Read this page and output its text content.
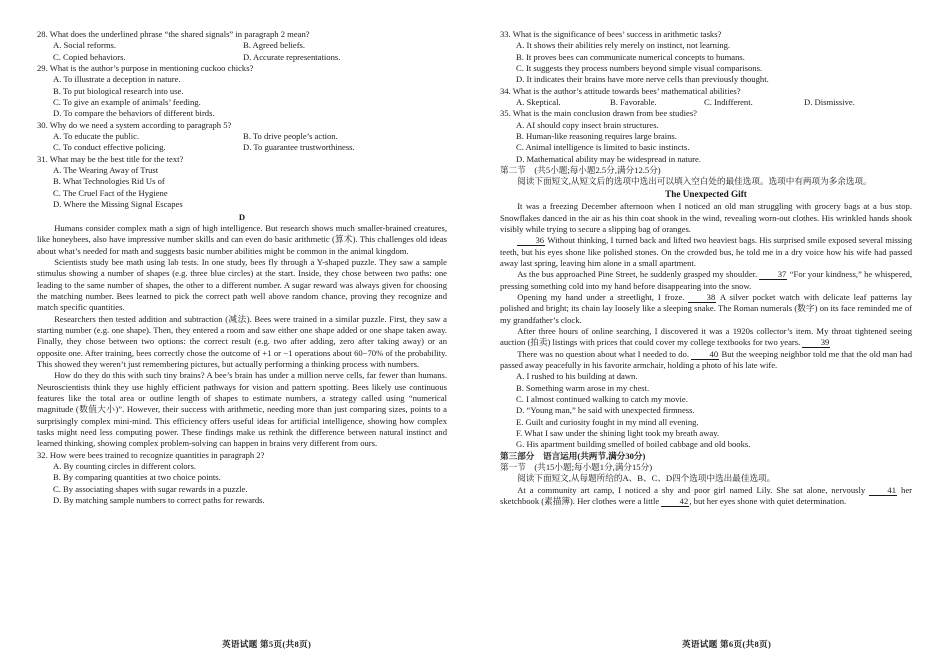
28. What does the underlined phrase “the shared signals” in paragraph 2 mean?

A. Social reforms.	B. Agreed beliefs.
C. Copied behaviors.	D. Accurate representations.

29. What is the author’s purpose in mentioning cuckoo chicks?

A. To illustrate a deception in nature.

B. To put biological research into use.

C. To give an example of animals’ feeding.

D. To compare the behaviors of different birds.

30. Why do we need a system according to paragraph 5?

A. To educate the public.	B. To drive people’s action.
C. To conduct effective policing.	D. To guarantee trustworthiness.

31. What may be the best title for the text?

A. The Wearing Away of Trust

B. What Technologies Rid Us of

C. The Cruel Fact of the Hygiene

D. Where the Missing Signal Escapes

D

Humans consider complex math a sign of high intelligence. But research shows much smaller-brained creatures, like honeybees, also have impressive number skills and can even do basic arithmetic (算术). This challenges old ideas about what’s needed for math and suggests basic number abilities might be common in the animal kingdom.

Scientists study bee math using lab tests. In one study, bees fly through a Y-shaped puzzle. They saw a sample stimulus showing a number of shapes (e.g. three blue circles) at the start. Inside, they chose between two paths: one leading to the same number of shapes, the other to a different number. A sugar reward was always given for choosing the matching number. Bees learned to pick the correct path well above random chance, proving they recognize and match specific quantities.

Researchers then tested addition and subtraction (减法). Bees were trained in a similar puzzle. First, they saw a starting number (e.g. one shape). Then, they entered a room and saw either one shape added or one shape taken away. Finally, they chose between two options: the correct result (e.g. two after adding, zero after taking away) or an opposite one. After training, bees correctly chose the outcome of +1 or −1 operations about 60−70% of the probability. This showed they weren’t just remembering pictures, but actually performing a thinking process with numbers.

How do they do this with such tiny brains? A bee’s brain has under a million nerve cells, far fewer than humans. Neuroscientists think they use highly efficient pathways for vision and pattern spotting. Bees likely use continuous features like the total area or outline length of shapes to estimate numbers, a strategy called using “numerical magnitude (数值大小)”. However, their success with arithmetic, needing more than just comparing sizes, points to a surprisingly complex mini-mind. This efficiency offers useful ideas for artificial intelligence, showing how complex tasks might need less computing power. These findings make us rethink the difference between natural instinct and learned thinking, showing complex problem-solving can happen in brains very different from ours.

32. How were bees trained to recognize quantities in paragraph 2?

A. By counting circles in different colors.

B. By comparing quantities at two choice points.

C. By associating shapes with sugar rewards in a puzzle.

D. By matching sample numbers to correct paths for rewards.

33. What is the significance of bees’ success in arithmetic tasks?

A. It shows their abilities rely merely on instinct, not learning.

B. It proves bees can communicate numerical concepts to humans.

C. It suggests they process numbers beyond simple visual comparisons.

D. It indicates their brains have more nerve cells than previously thought.

34. What is the author’s attitude towards bees’ mathematical abilities?

A. Skeptical.	B. Favorable.	C. Indifferent.	D. Dismissive.

35. What is the main conclusion drawn from bee studies?

A. AI should copy insect brain structures.

B. Human-like reasoning requires large brains.

C. Animal intelligence is limited to basic instincts.

D. Mathematical ability may be widespread in nature.

第二节　(共5小题;每小题2.5分,满分12.5分)

阅读下面短文,从短文后的选项中选出可以填入空白处的最佳选项。选项中有两项为多余选项。

The Unexpected Gift

It was a freezing December afternoon when I noticed an old man struggling with grocery bags at a bus stop. Snowflakes danced in the air as his thin coat shook in the wind, revealing worn-out clothes. His wrinkled hands shook visibly while trying to secure a slipping bag of oranges.

36 Without thinking, I turned back and lifted two heaviest bags. His surprised smile exposed several missing teeth, but his eyes shone like polished stones. On the crowded bus, he told me in a dry voice how his wife had passed away last spring, leaving him alone in a small apartment.

As the bus approached Pine Street, he suddenly grasped my shoulder. 37 “For your kindness,” he whispered, pressing something cold into my hand before disappearing into the snow.

Opening my hand under a streetlight, I froze.	38 A silver pocket watch with delicate leaf patterns lay polished and bright; its chain lay loosely like a sleeping snake. The Roman numerals (数字) on its face reminded me of my grandfather’s clock.

After three hours of online searching, I discovered it was a 1920s collector’s item. My throat tightened seeing auction (拍卖) listings with prices that could cover my college textbooks for two years. 39

There was no question about what I needed to do. 40 But the weeping neighbor told me that the old man had passed away peacefully in his favorite armchair, holding a photo of his late wife.

A. I rushed to his building at dawn.

B. Something warm arose in my chest.

C. I almost continued walking to catch my movie.

D. “Young man,” he said with unexpected firmness.

E. Guilt and curiosity fought in my mind all evening.

F. What I saw under the shining light took my breath away.

G. His apartment building smelled of boiled cabbage and old books.

第三部分　语言运用(共两节,满分30分)

第一节　(共15小题;每小题1分,满分15分)

阅读下面短文,从每题所给的A、B、C、D四个选项中选出最佳选项。

At a community art camp, I noticed a shy and poor girl named Lily. She sat alone, nervously	41 her sketchbook (素描簿). Her clothes were a little 42, but her eyes shone with quiet determination.

英语试题 第5页(共8页)	英语试题 第6页(共8页)
